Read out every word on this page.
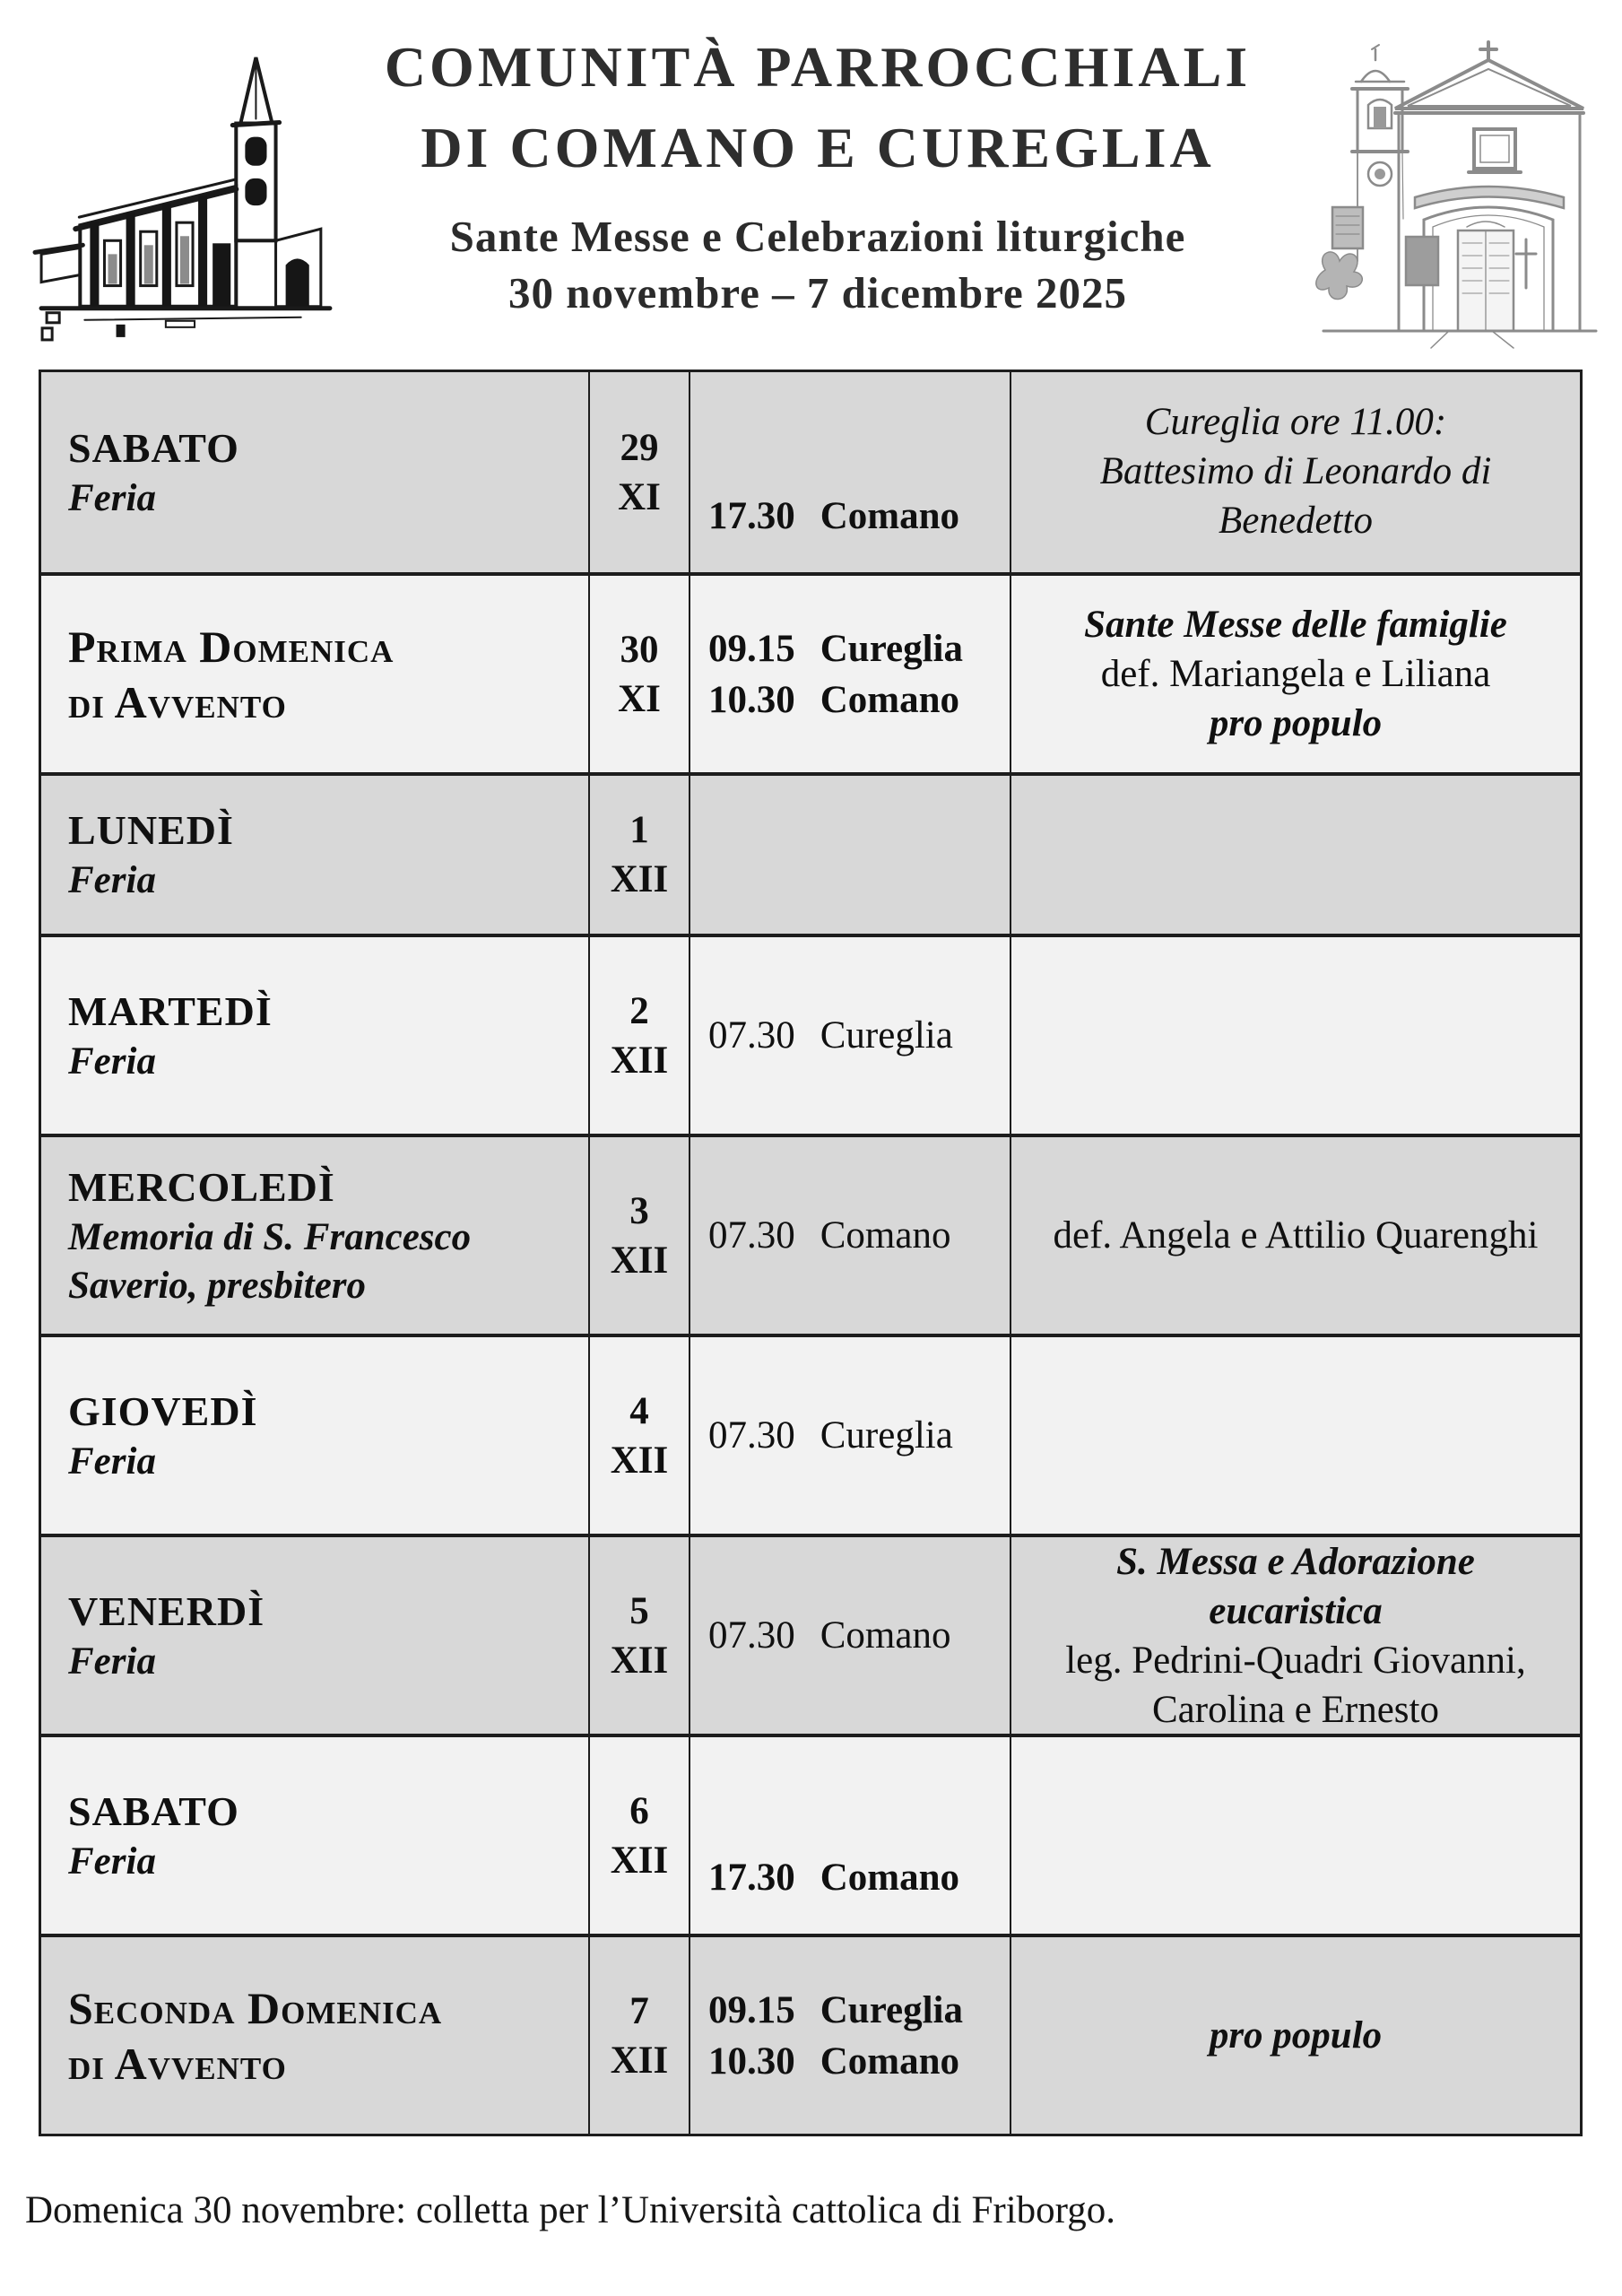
COMUNITÀ PARROCCHIALI
DI COMANO E CUREGLIA
Sante Messe e Celebrazioni liturgiche
30 novembre – 7 dicembre 2025
SABATO
Feria
29
XI 17.30 Comano
Cureglia ore 11.00:
Battesimo di Leonardo di Benedetto
Prima Domenica
di Avvento
30
XI
09.15 Cureglia
10.30 Comano
Sante Messe delle famiglie
def. Mariangela e Liliana
pro populo
LUNEDÌ
Feria
1
XII
MARTEDÌ
Feria
2
XII
07.30 Cureglia
MERCOLEDÌ
Memoria di S. Francesco
Saverio, presbitero
3
XII
07.30 Comano	def. Angela e Attilio Quarenghi
GIOVEDÌ
Feria
4
XII
07.30 Cureglia
VENERDÌ
Feria
5
XII
07.30 Comano
S. Messa e Adorazione eucaristica
leg. Pedrini-Quadri Giovanni,
Carolina e Ernesto
SABATO
Feria
6
XII 17.30 Comano
Seconda Domenica
di Avvento
7
XII
09.15 Cureglia
10.30 Comano
pro populo
Domenica 30 novembre: colletta per l’Università cattolica di Friborgo.
